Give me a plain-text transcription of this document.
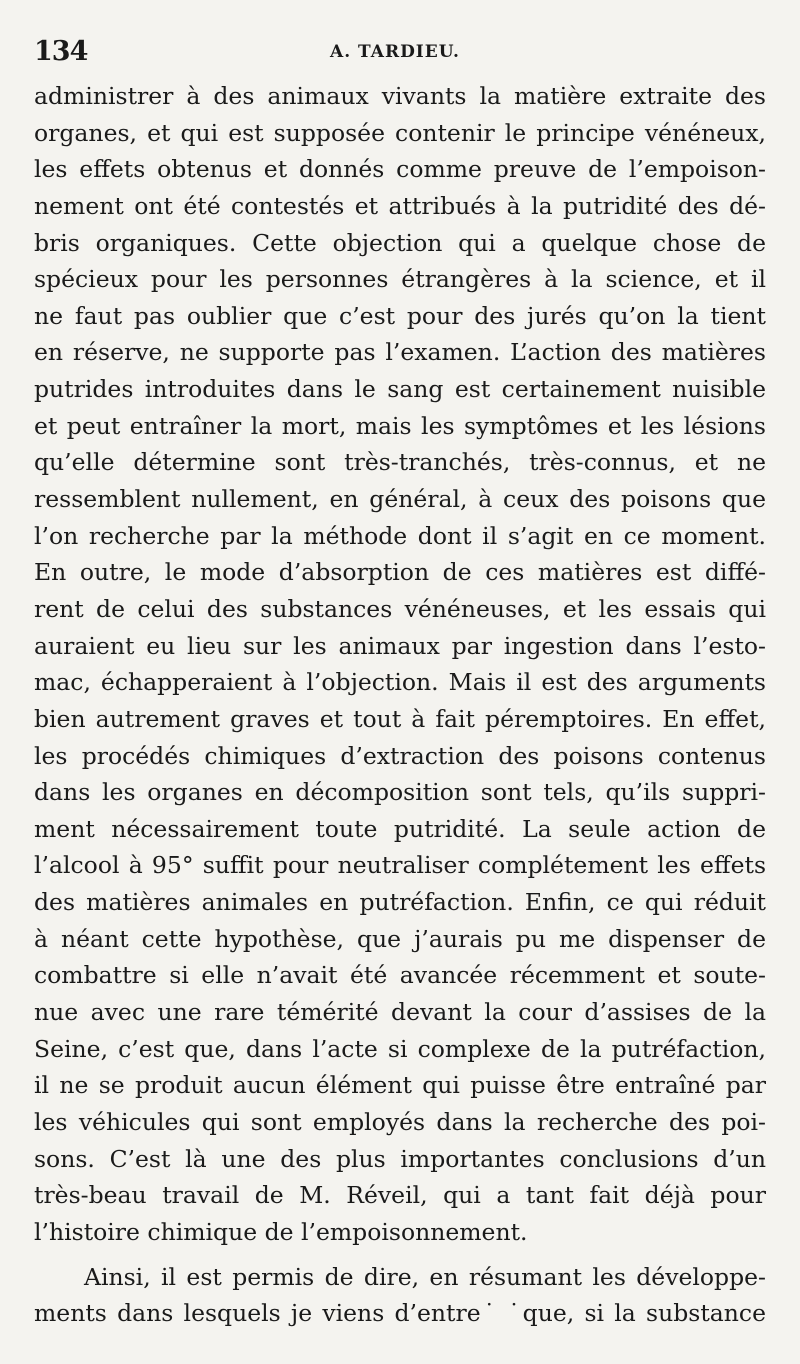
134	A. TARDIEU.
administrer à des animaux vivants la matière extraite des
organes, et qui est supposée contenir le principe vénéneux,
les effets obtenus et donnés comme preuve de l’empoison-
nement ont été contestés et attribués à la putridité des dé-
bris organiques. Cette objection qui a quelque chose de
spécieux pour les personnes étrangères à la science, et il
ne faut pas oublier que c’est pour des jurés qu’on la tient
en réserve, ne supporte pas l’examen. L’action des matières
putrides introduites dans le sang est certainement nuisible
et peut entraîner la mort, mais les symptômes et les lésions
qu’elle détermine sont très-tranchés, très-connus, et ne
ressemblent nullement, en général, à ceux des poisons que
l’on recherche par la méthode dont il s’agit en ce moment.
En outre, le mode d’absorption de ces matières est diffé-
rent de celui des substances vénéneuses, et les essais qui
auraient eu lieu sur les animaux par ingestion dans l’esto-
mac, échapperaient à l’objection. Mais il est des arguments
bien autrement graves et tout à fait péremptoires. En effet,
les procédés chimiques d’extraction des poisons contenus
dans les organes en décomposition sont tels, qu’ils suppri-
ment nécessairement toute putridité. La seule action de
l’alcool à 95° suffit pour neutraliser complétement les effets
des matières animales en putréfaction. Enfin, ce qui réduit
à néant cette hypothèse, que j’aurais pu me dispenser de
combattre si elle n’avait été avancée récemment et soute-
nue avec une rare témérité devant la cour d’assises de la
Seine, c’est que, dans l’acte si complexe de la putréfaction,
il ne se produit aucun élément qui puisse être entraîné par
les véhicules qui sont employés dans la recherche des poi-
sons. C’est là une des plus importantes conclusions d’un
très-beau travail de M. Réveil, qui a tant fait déjà pour
l’histoire chimique de l’empoisonnement.
Ainsi, il est permis de dire, en résumant les développe-
ments dans lesquels je viens d’entre˙ ˙que, si la substance
